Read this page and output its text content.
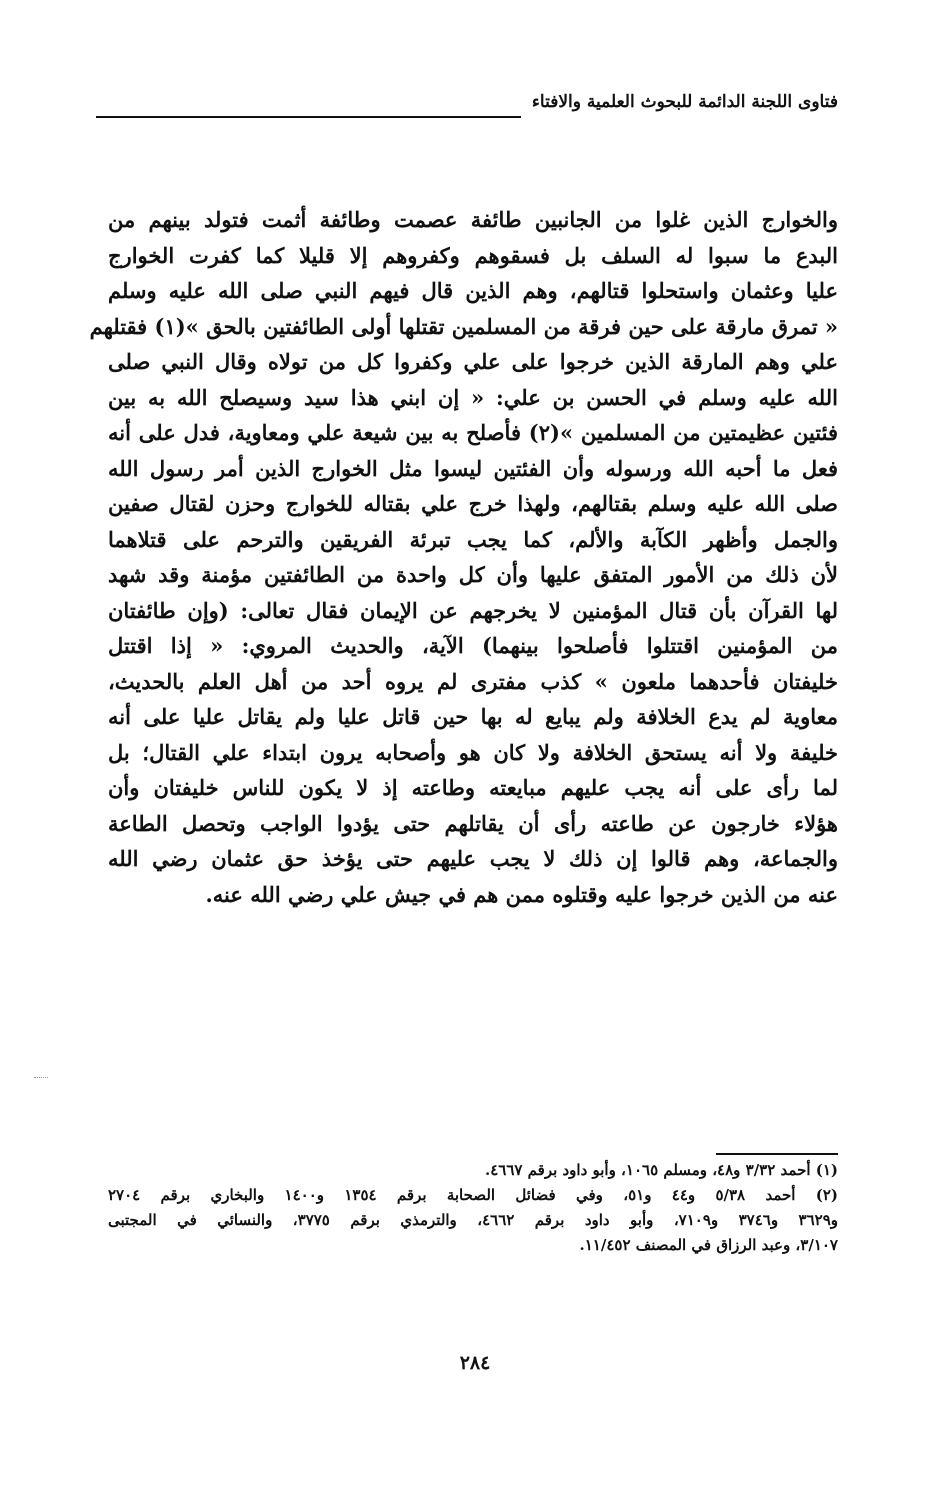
فتاوى اللجنة الدائمة للبحوث العلمية والافتاء
والخوارج الذين غلوا من الجانبين طائفة عصمت وطائفة أثمت فتولد بينهم من
البدع ما سبوا له السلف بل فسقوهم وكفروهم إلا قليلا كما كفرت الخوارج
عليا وعثمان واستحلوا قتالهم، وهم الذين قال فيهم النبي صلى الله عليه وسلم
« تمرق مارقة على حين فرقة من المسلمين تقتلها أولى الطائفتين بالحق »(١) فقتلهم
علي وهم المارقة الذين خرجوا على علي وكفروا كل من تولاه وقال النبي صلى
الله عليه وسلم في الحسن بن علي: « إن ابني هذا سيد وسيصلح الله به بين
فئتين عظيمتين من المسلمين »(٢) فأصلح به بين شيعة علي ومعاوية، فدل على أنه
فعل ما أحبه الله ورسوله وأن الفئتين ليسوا مثل الخوارج الذين أمر رسول الله
صلى الله عليه وسلم بقتالهم، ولهذا خرج علي بقتاله للخوارج وحزن لقتال صفين
والجمل وأظهر الكآبة والألم، كما يجب تبرئة الفريقين والترحم على قتلاهما
لأن ذلك من الأمور المتفق عليها وأن كل واحدة من الطائفتين مؤمنة وقد شهد
لها القرآن بأن قتال المؤمنين لا يخرجهم عن الإيمان فقال تعالى: (وإن طائفتان
من المؤمنين اقتتلوا فأصلحوا بينهما) الآية، والحديث المروي: « إذا اقتتل
خليفتان فأحدهما ملعون » كذب مفترى لم يروه أحد من أهل العلم بالحديث،
معاوية لم يدع الخلافة ولم يبايع له بها حين قاتل عليا ولم يقاتل عليا على أنه
خليفة ولا أنه يستحق الخلافة ولا كان هو وأصحابه يرون ابتداء علي القتال؛ بل
لما رأى على أنه يجب عليهم مبايعته وطاعته إذ لا يكون للناس خليفتان وأن
هؤلاء خارجون عن طاعته رأى أن يقاتلهم حتى يؤدوا الواجب وتحصل الطاعة
والجماعة، وهم قالوا إن ذلك لا يجب عليهم حتى يؤخذ حق عثمان رضي الله
عنه من الذين خرجوا عليه وقتلوه ممن هم في جيش علي رضي الله عنه.
(١) أحمد ٣/٣٢ و٤٨، ومسلم ١٠٦٥، وأبو داود برقم ٤٦٦٧.
(٢) أحمد ٥/٣٨ و٤٤ و٥١، وفي فضائل الصحابة برقم ١٣٥٤ و١٤٠٠ والبخاري برقم ٢٧٠٤
و٣٦٢٩ و٣٧٤٦ و٧١٠٩، وأبو داود برقم ٤٦٦٢، والترمذي برقم ٣٧٧٥، والنسائي في المجتبى
٣/١٠٧، وعبد الرزاق في المصنف ١١/٤٥٢.
٢٨٤
